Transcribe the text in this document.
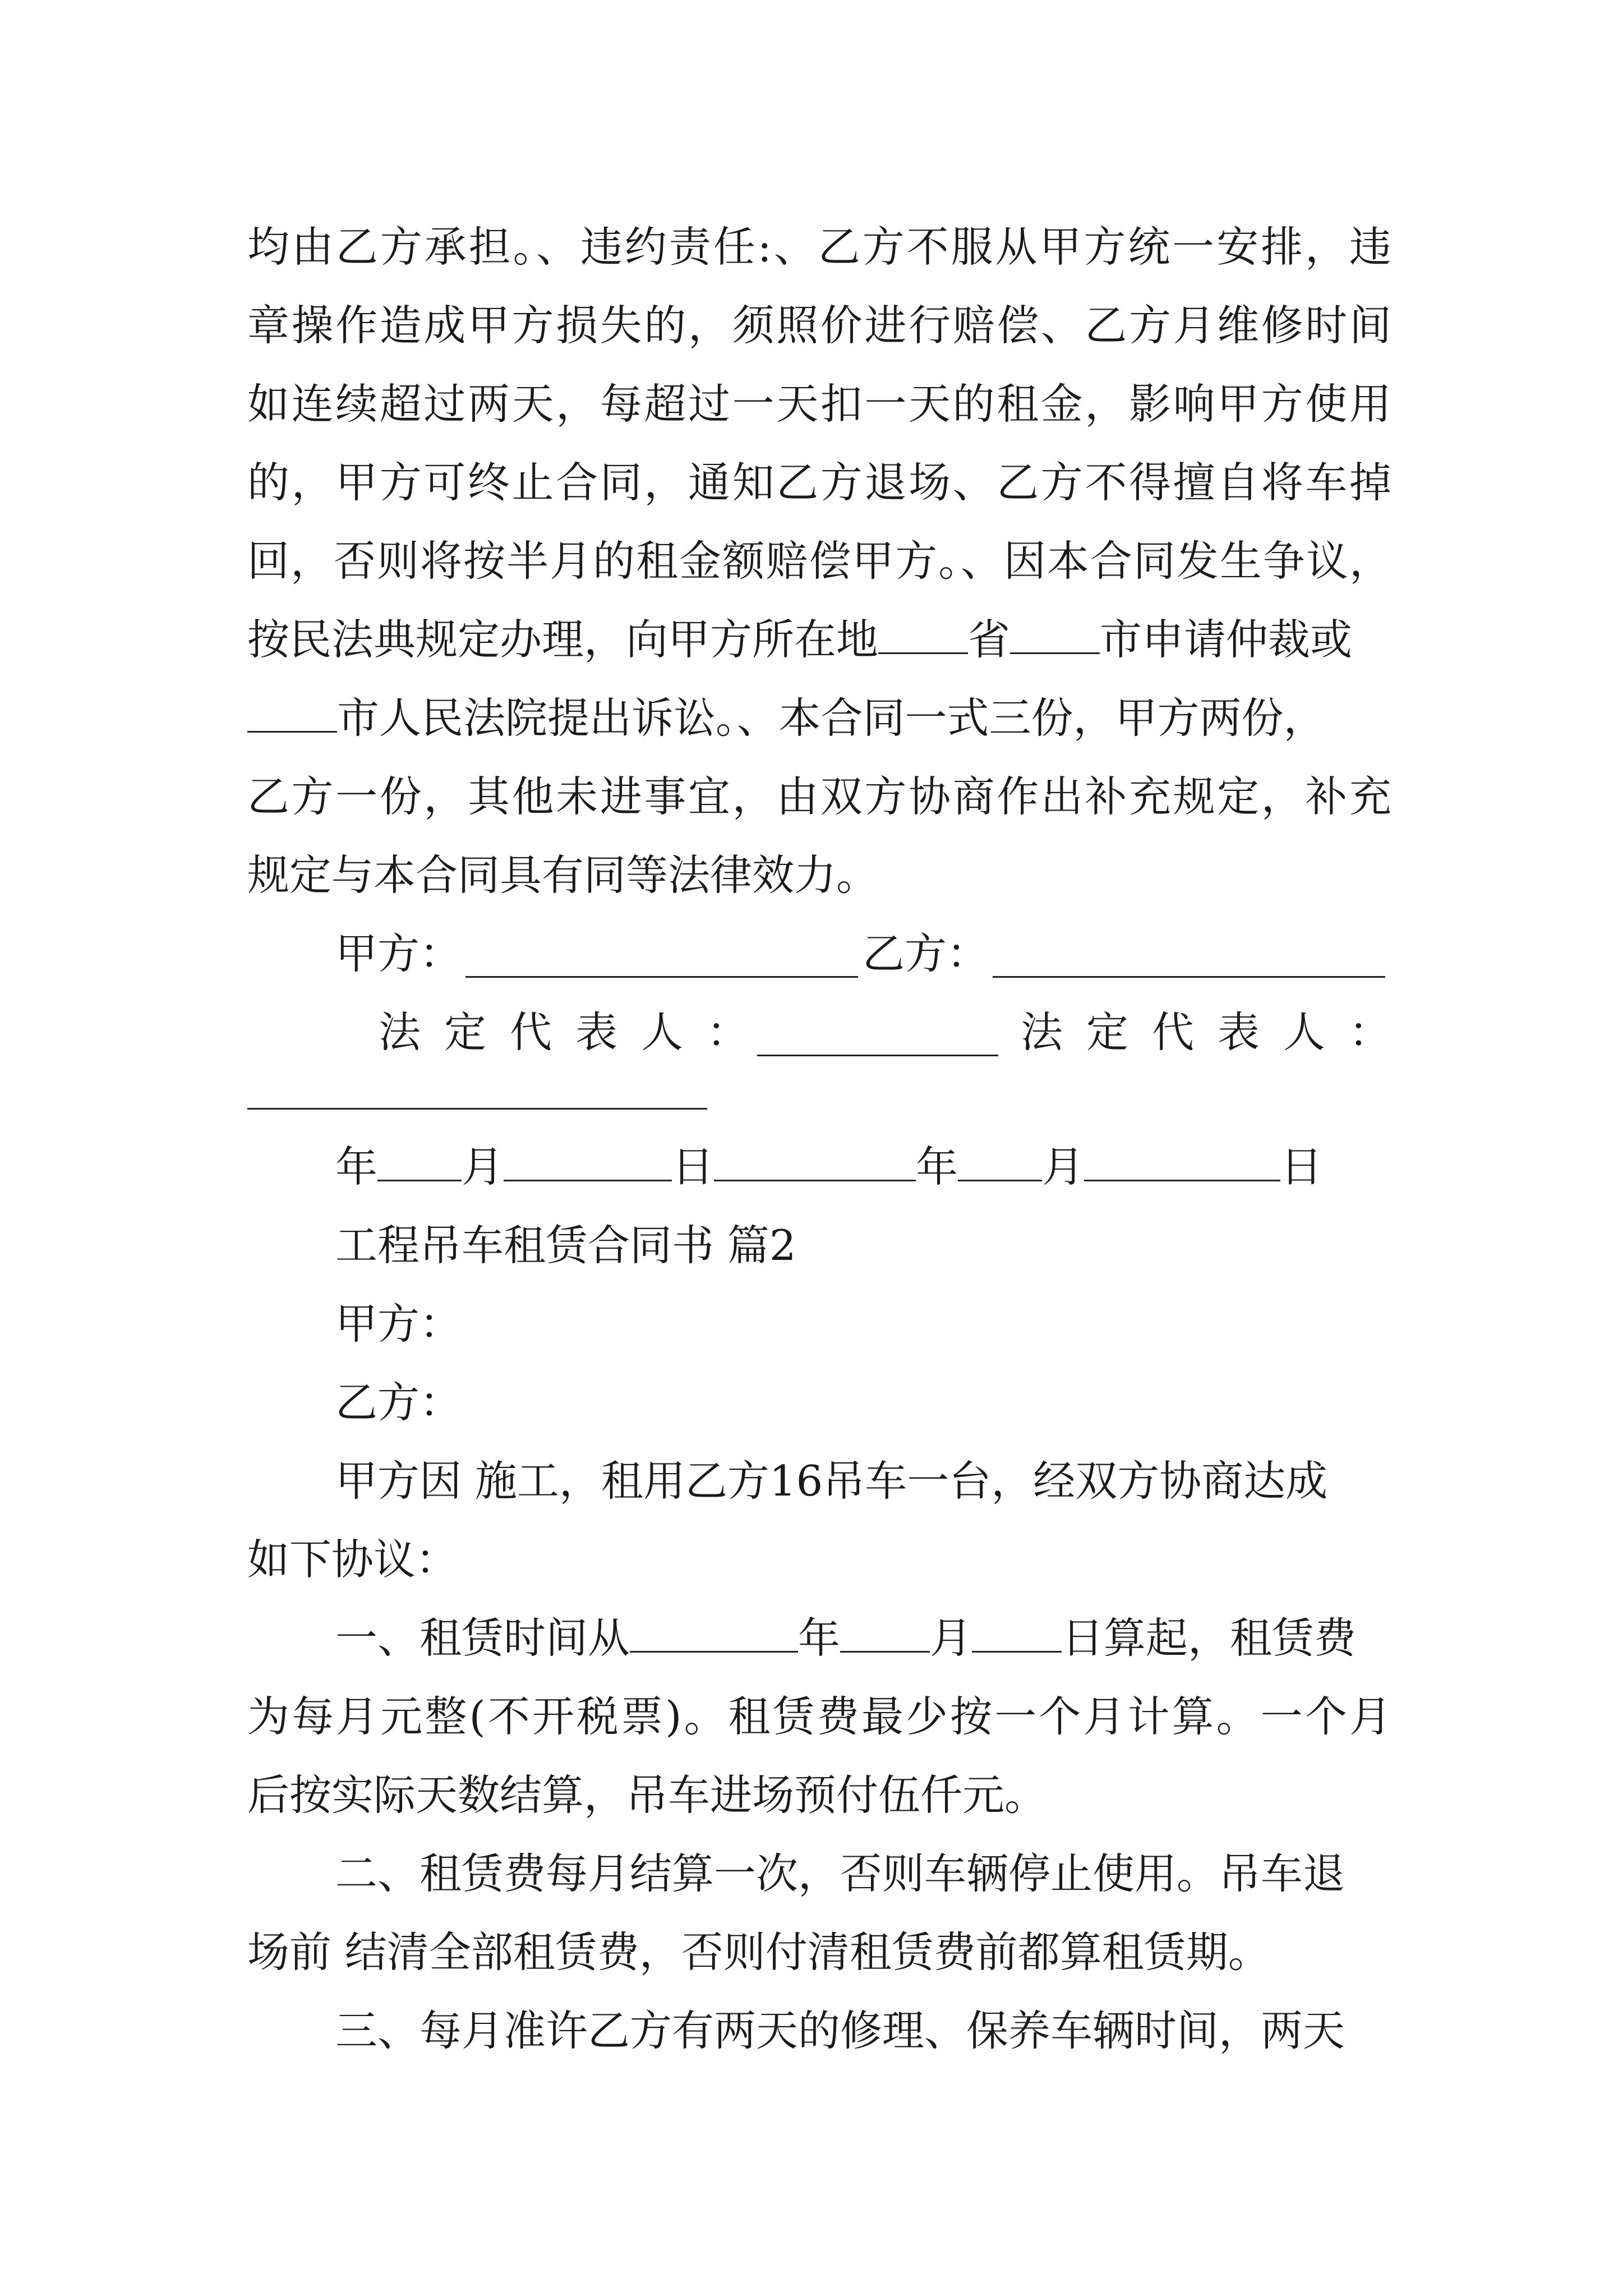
均由乙方承担。、违约责任:、乙方不服从甲方统一安排，违
章操作造成甲方损失的，须照价进行赔偿、乙方月维修时间
如连续超过两天，每超过一天扣一天的租金，影响甲方使用
的，甲方可终止合同，通知乙方退场、乙方不得擅自将车掉
回，否则将按半月的租金额赔偿甲方。、因本合同发生争议，
按民法典规定办理，向甲方所在地 省 市申请仲裁或
市人民法院提出诉讼。、本合同一式三份，甲方两份，
乙方一份，其他未进事宜，由双方协商作出补充规定，补充
规定与本合同具有同等法律效力。
甲方：	乙方：
法定代表人：	法定代表人：
年 月	日	年 月	日
工程吊车租赁合同书 篇2
甲方：
乙方：
甲方因 施工，租用乙方16吊车一台，经双方协商达成
如下协议：
一、租赁时间从	年 月 日算起，租赁费
为每月元整(不开税票)。租赁费最少按一个月计算。一个月
后按实际天数结算，吊车进场预付伍仟元。
二、租赁费每月结算一次，否则车辆停止使用。吊车退
场前 结清全部租赁费，否则付清租赁费前都算租赁期。
三、每月准许乙方有两天的修理、保养车辆时间，两天
